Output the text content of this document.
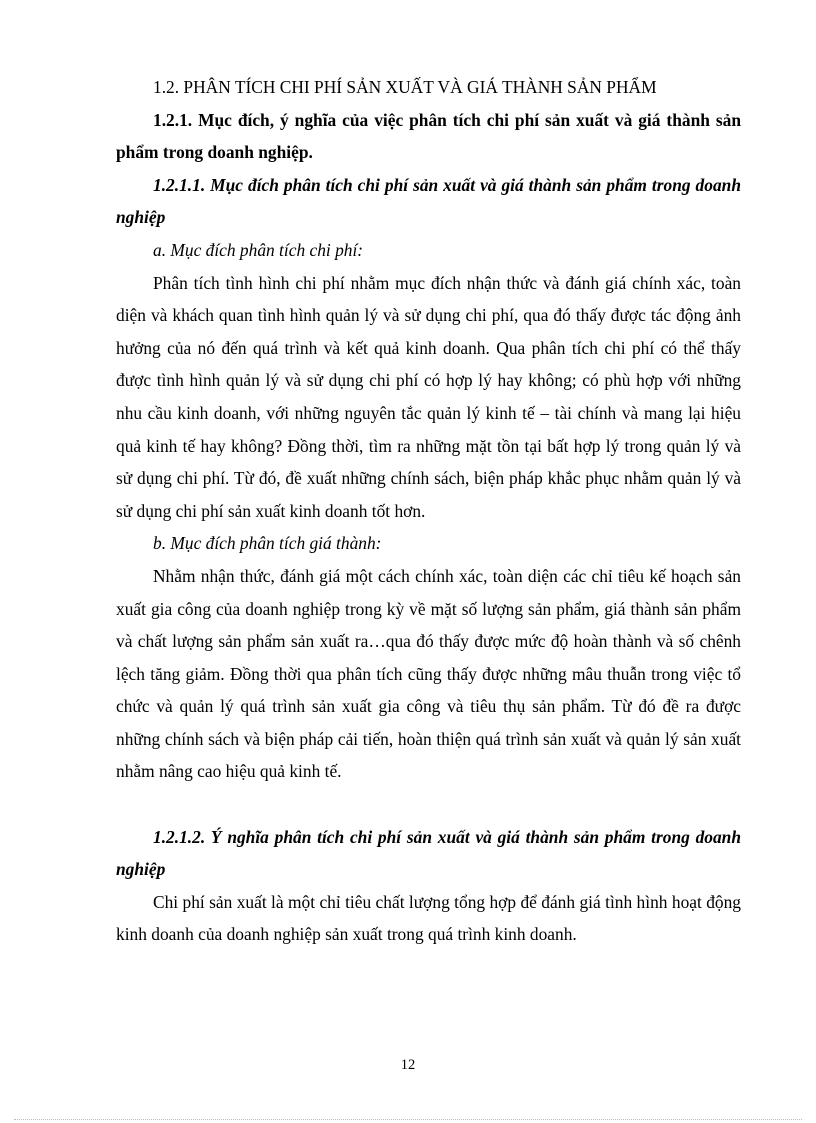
1.2. PHÂN TÍCH CHI PHÍ SẢN XUẤT VÀ GIÁ THÀNH SẢN PHẨM

1.2.1. Mục đích, ý nghĩa của việc phân tích chi phí sản xuất và giá thành sản phẩm trong doanh nghiệp.

1.2.1.1. Mục đích phân tích chi phí sản xuất và giá thành sản phẩm trong doanh nghiệp

a. Mục đích phân tích chi phí:

Phân tích tình hình chi phí nhằm mục đích nhận thức và đánh giá chính xác, toàn diện và khách quan tình hình quản lý và sử dụng chi phí, qua đó thấy được tác động ảnh hưởng của nó đến quá trình và kết quả kinh doanh. Qua phân tích chi phí có thể thấy được tình hình quản lý và sử dụng chi phí có hợp lý hay không; có phù hợp với những nhu cầu kinh doanh, với những nguyên tắc quản lý kinh tế – tài chính và mang lại hiệu quả kinh tế hay không? Đồng thời, tìm ra những mặt tồn tại bất hợp lý trong quản lý và sử dụng chi phí. Từ đó, đề xuất những chính sách, biện pháp khắc phục nhằm quản lý và sử dụng chi phí sản xuất kinh doanh tốt hơn.

b. Mục đích phân tích giá thành:

Nhằm nhận thức, đánh giá một cách chính xác, toàn diện các chỉ tiêu kế hoạch sản xuất gia công của doanh nghiệp trong kỳ về mặt số lượng sản phẩm, giá thành sản phẩm và chất lượng sản phẩm sản xuất ra…qua đó thấy được mức độ hoàn thành và số chênh lệch tăng giảm. Đồng thời qua phân tích cũng thấy được những mâu thuẫn trong việc tổ chức và quản lý quá trình sản xuất gia công và tiêu thụ sản phẩm. Từ đó đề ra được những chính sách và biện pháp cải tiến, hoàn thiện quá trình sản xuất và quản lý sản xuất nhằm nâng cao hiệu quả kinh tế.

1.2.1.2. Ý nghĩa phân tích chi phí sản xuất và giá thành sản phẩm trong doanh nghiệp

Chi phí sản xuất là một chỉ tiêu chất lượng tổng hợp để đánh giá tình hình hoạt động kinh doanh của doanh nghiệp sản xuất trong quá trình kinh doanh.

12
